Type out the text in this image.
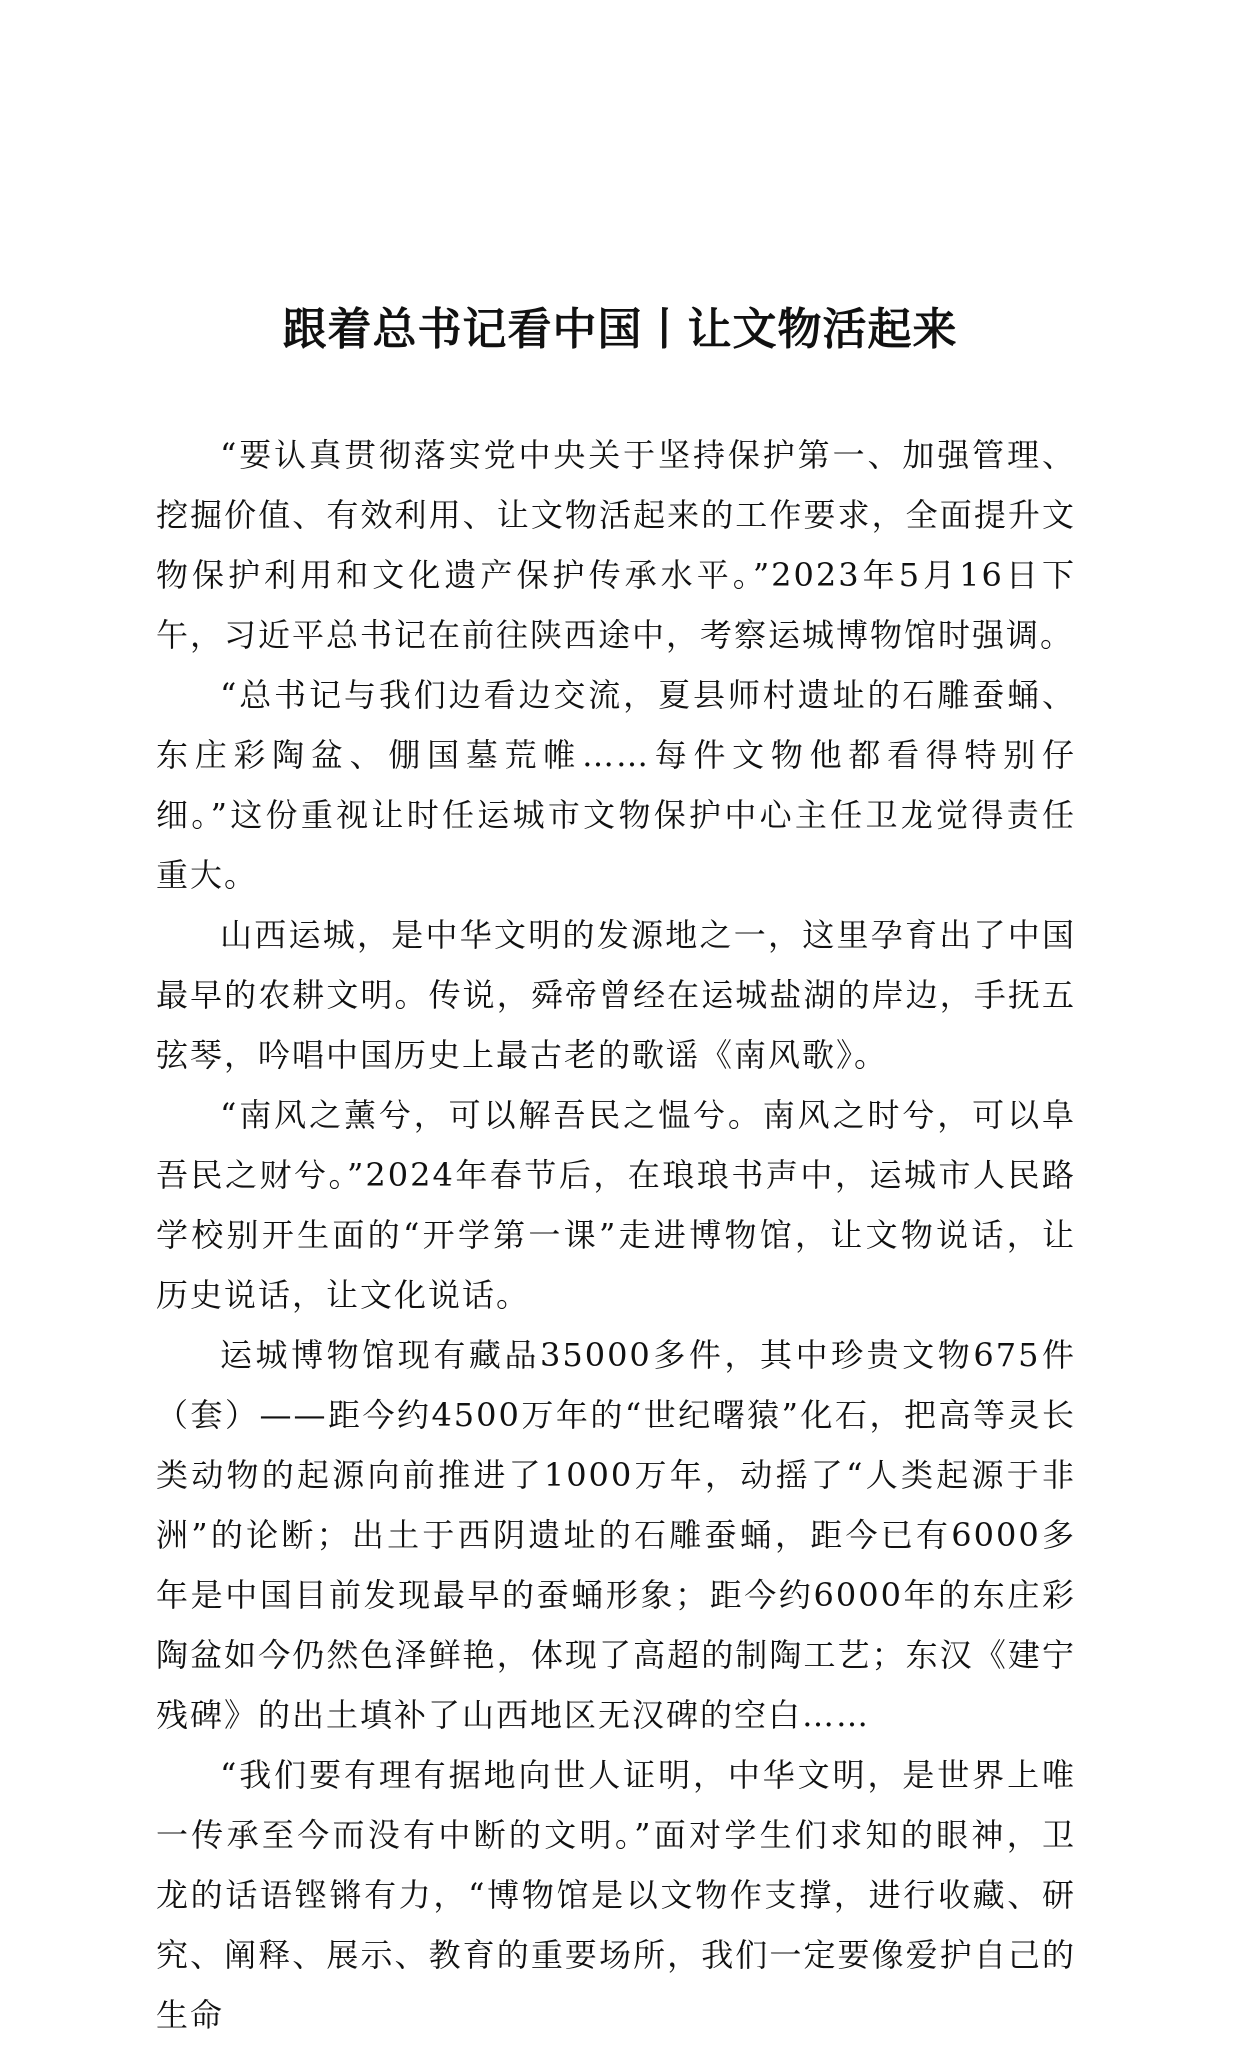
跟着总书记看中国丨让文物活起来

“要认真贯彻落实党中央关于坚持保护第一、加强管理、挖掘价值、有效利用、让文物活起来的工作要求，全面提升文物保护利用和文化遗产保护传承水平。”2023年5月16日下午，习近平总书记在前往陕西途中，考察运城博物馆时强调。

“总书记与我们边看边交流，夏县师村遗址的石雕蚕蛹、东庄彩陶盆、倗国墓荒帷……每件文物他都看得特别仔细。”这份重视让时任运城市文物保护中心主任卫龙觉得责任重大。

山西运城，是中华文明的发源地之一，这里孕育出了中国最早的农耕文明。传说，舜帝曾经在运城盐湖的岸边，手抚五弦琴，吟唱中国历史上最古老的歌谣《南风歌》。

“南风之薰兮，可以解吾民之愠兮。南风之时兮，可以阜吾民之财兮。”2024年春节后，在琅琅书声中，运城市人民路学校别开生面的“开学第一课”走进博物馆，让文物说话，让历史说话，让文化说话。

运城博物馆现有藏品35000多件，其中珍贵文物675件（套）——距今约4500万年的“世纪曙猿”化石，把高等灵长类动物的起源向前推进了1000万年，动摇了“人类起源于非洲”的论断；出土于西阴遗址的石雕蚕蛹，距今已有6000多年是中国目前发现最早的蚕蛹形象；距今约6000年的东庄彩陶盆如今仍然色泽鲜艳，体现了高超的制陶工艺；东汉《建宁残碑》的出土填补了山西地区无汉碑的空白……

“我们要有理有据地向世人证明，中华文明，是世界上唯一传承至今而没有中断的文明。”面对学生们求知的眼神，卫龙的话语铿锵有力，“博物馆是以文物作支撑，进行收藏、研究、阐释、展示、教育的重要场所，我们一定要像爱护自己的生命
